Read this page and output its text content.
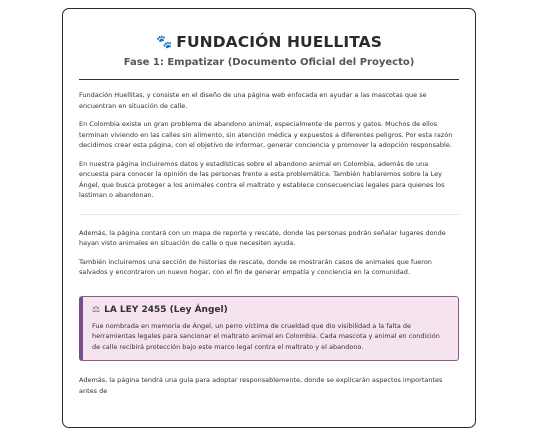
🐾 FUNDACIÓN HUELLITAS
Fase 1: Empatizar (Documento Oficial del Proyecto)

Fundación Huellitas, y consiste en el diseño de una página web enfocada en ayudar a las mascotas que se encuentran en situación de calle.

En Colombia existe un gran problema de abandono animal, especialmente de perros y gatos. Muchos de ellos terminan viviendo en las calles sin alimento, sin atención médica y expuestos a diferentes peligros. Por esta razón decidimos crear esta página, con el objetivo de informar, generar conciencia y promover la adopción responsable.

En nuestra página incluiremos datos y estadísticas sobre el abandono animal en Colombia, además de una encuesta para conocer la opinión de las personas frente a esta problemática. También hablaremos sobre la Ley Ángel, que busca proteger a los animales contra el maltrato y establece consecuencias legales para quienes los lastiman o abandonan.

Además, la página contará con un mapa de reporte y rescate, donde las personas podrán señalar lugares donde hayan visto animales en situación de calle o que necesiten ayuda.

También incluiremos una sección de historias de rescate, donde se mostrarán casos de animales que fueron salvados y encontraron un nuevo hogar, con el fin de generar empatía y conciencia en la comunidad.

⚖ LA LEY 2455 (Ley Ángel)

Fue nombrada en memoria de Ángel, un perro víctima de crueldad que dio visibilidad a la falta de herramientas legales para sancionar el maltrato animal en Colombia. Cada mascota y animal en condición de calle recibirá protección bajo este marco legal contra el maltrato y el abandono.

Además, la página tendrá una guía para adoptar responsablemente, donde se explicarán aspectos importantes antes de
